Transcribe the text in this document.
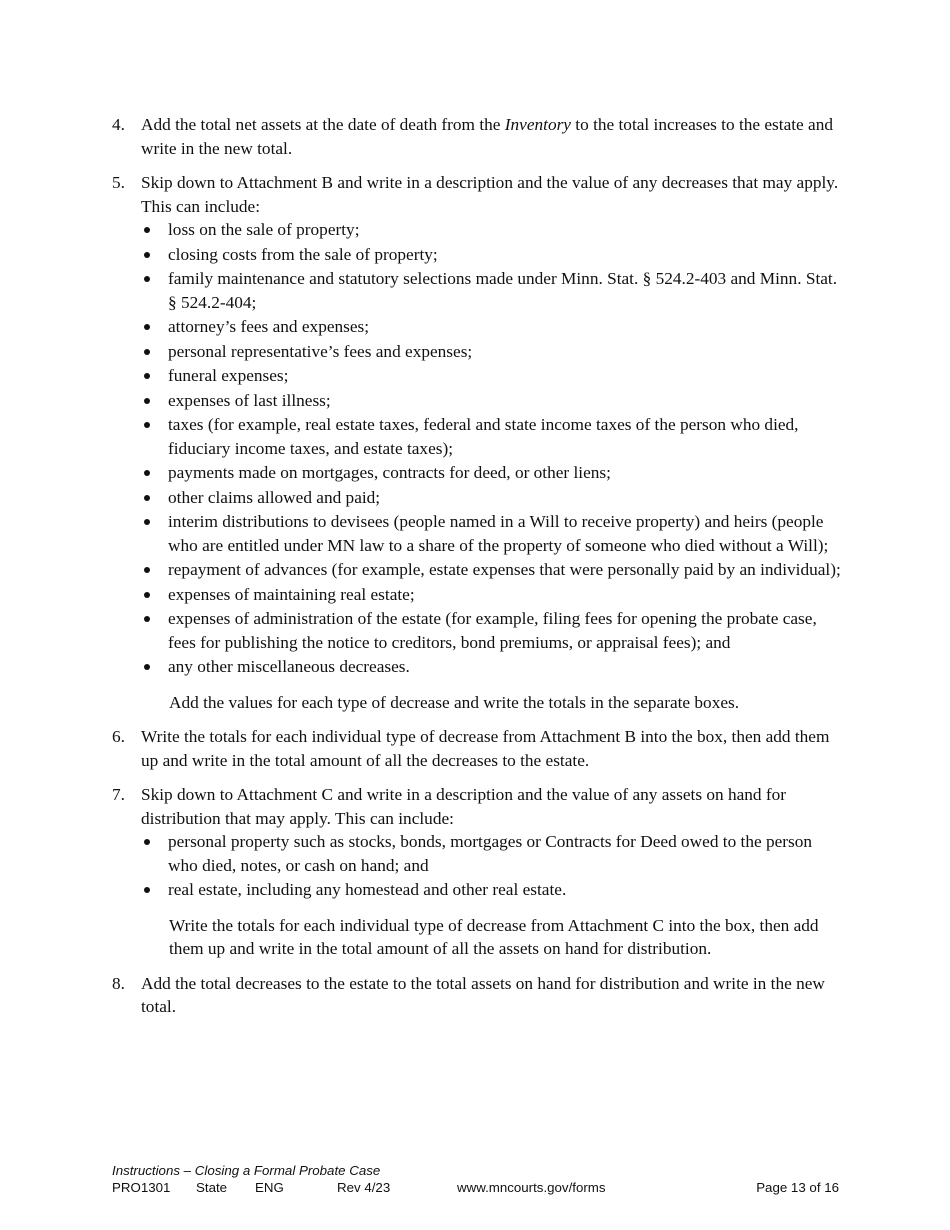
4. Add the total net assets at the date of death from the Inventory to the total increases to the estate and write in the new total.
5. Skip down to Attachment B and write in a description and the value of any decreases that may apply. This can include:
loss on the sale of property;
closing costs from the sale of property;
family maintenance and statutory selections made under Minn. Stat. § 524.2-403 and Minn. Stat. § 524.2-404;
attorney’s fees and expenses;
personal representative’s fees and expenses;
funeral expenses;
expenses of last illness;
taxes (for example, real estate taxes, federal and state income taxes of the person who died, fiduciary income taxes, and estate taxes);
payments made on mortgages, contracts for deed, or other liens;
other claims allowed and paid;
interim distributions to devisees (people named in a Will to receive property) and heirs (people who are entitled under MN law to a share of the property of someone who died without a Will);
repayment of advances (for example, estate expenses that were personally paid by an individual);
expenses of maintaining real estate;
expenses of administration of the estate (for example, filing fees for opening the probate case, fees for publishing the notice to creditors, bond premiums, or appraisal fees); and
any other miscellaneous decreases.
Add the values for each type of decrease and write the totals in the separate boxes.
6. Write the totals for each individual type of decrease from Attachment B into the box, then add them up and write in the total amount of all the decreases to the estate.
7. Skip down to Attachment C and write in a description and the value of any assets on hand for distribution that may apply. This can include:
personal property such as stocks, bonds, mortgages or Contracts for Deed owed to the person who died, notes, or cash on hand; and
real estate, including any homestead and other real estate.
Write the totals for each individual type of decrease from Attachment C into the box, then add them up and write in the total amount of all the assets on hand for distribution.
8. Add the total decreases to the estate to the total assets on hand for distribution and write in the new total.
Instructions – Closing a Formal Probate Case
PRO1301 State ENG	Rev 4/23	www.mncourts.gov/forms	Page 13 of 16
